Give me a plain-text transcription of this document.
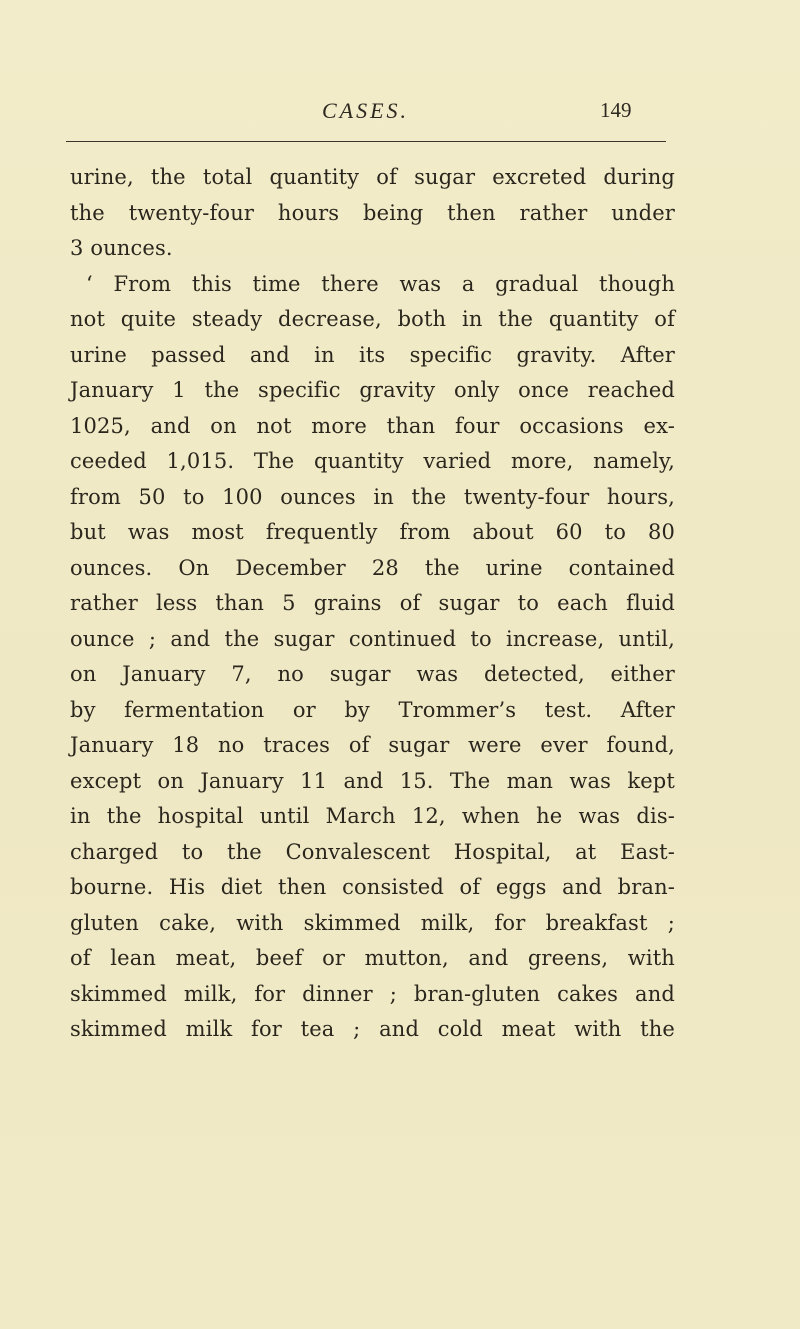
CASES.	149
urine, the total quantity of sugar excreted during
the twenty-four hours being then rather under
3 ounces.
‘ From this time there was a gradual though
not quite steady decrease, both in the quantity of
urine passed and in its specific gravity. After
January 1 the specific gravity only once reached
1025, and on not more than four occasions ex-
ceeded 1,015. The quantity varied more, namely,
from 50 to 100 ounces in the twenty-four hours,
but was most frequently from about 60 to 80
ounces. On December 28 the urine contained
rather less than 5 grains of sugar to each fluid
ounce ; and the sugar continued to increase, until,
on January 7, no sugar was detected, either
by fermentation or by Trommer’s test. After
January 18 no traces of sugar were ever found,
except on January 11 and 15. The man was kept
in the hospital until March 12, when he was dis-
charged to the Convalescent Hospital, at East-
bourne. His diet then consisted of eggs and bran-
gluten cake, with skimmed milk, for breakfast ;
of lean meat, beef or mutton, and greens, with
skimmed milk, for dinner ; bran-gluten cakes and
skimmed milk for tea ; and cold meat with the
